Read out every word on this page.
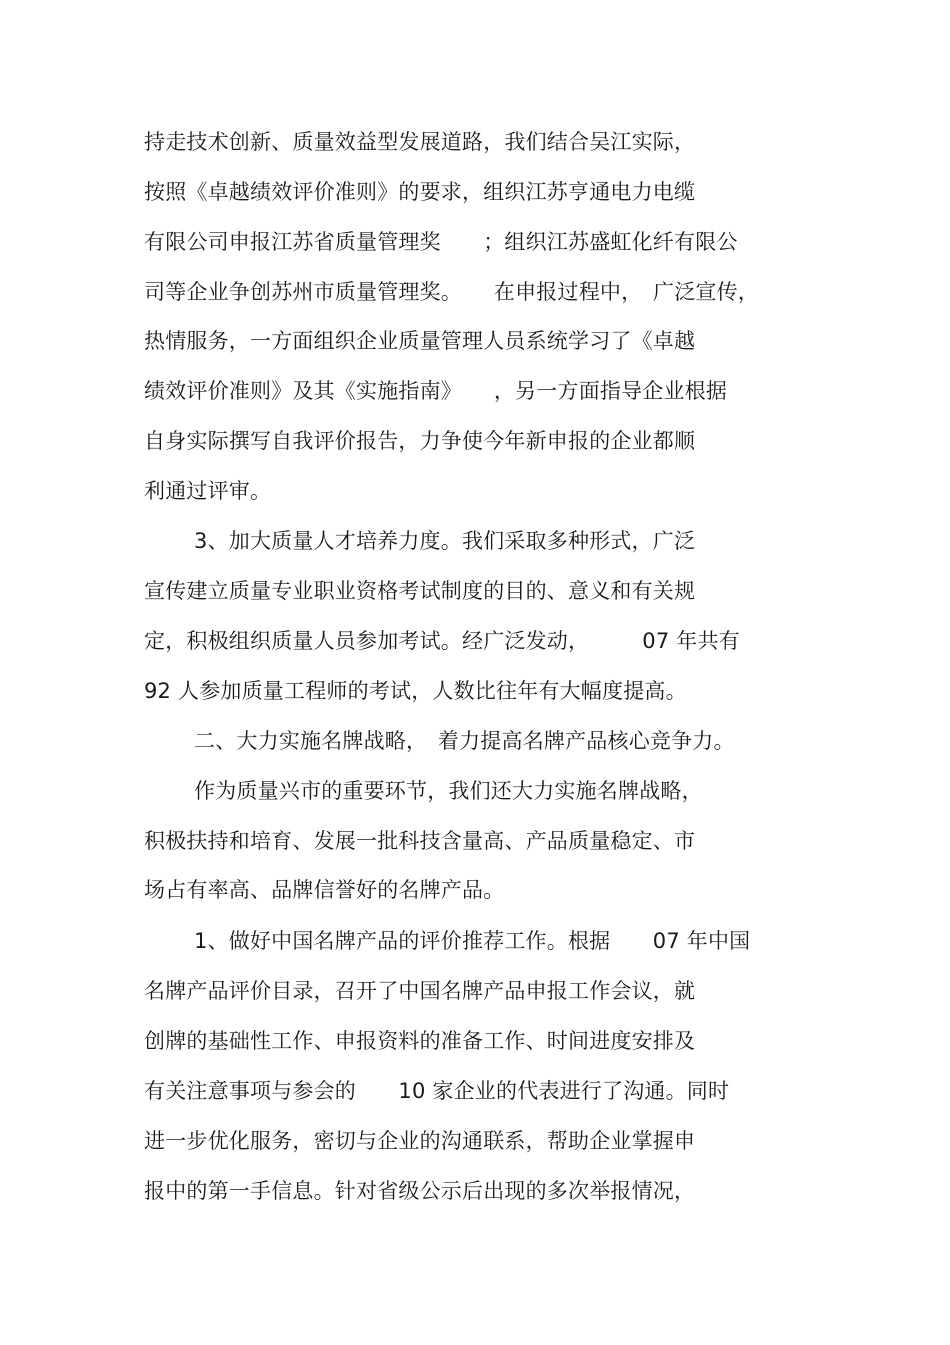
持走技术创新、质量效益型发展道路，我们结合吴江实际，
按照《卓越绩效评价准则》的要求，组织江苏亨通电力电缆
有限公司申报江苏省质量管理奖　　；组织江苏盛虹化纤有限公
司等企业争创苏州市质量管理奖。　　在申报过程中，　广泛宣传，
热情服务，一方面组织企业质量管理人员系统学习了《卓越
绩效评价准则》及其《实施指南》　　，另一方面指导企业根据
自身实际撰写自我评价报告，力争使今年新申报的企业都顺
利通过评审。
3、加大质量人才培养力度。我们采取多种形式，广泛
宣传建立质量专业职业资格考试制度的目的、意义和有关规
定，积极组织质量人员参加考试。经广泛发动，　　　07 年共有
92 人参加质量工程师的考试，人数比往年有大幅度提高。
二、大力实施名牌战略，　着力提高名牌产品核心竞争力。
作为质量兴市的重要环节，我们还大力实施名牌战略，
积极扶持和培育、发展一批科技含量高、产品质量稳定、市
场占有率高、品牌信誉好的名牌产品。
1、做好中国名牌产品的评价推荐工作。根据　　07 年中国
名牌产品评价目录，召开了中国名牌产品申报工作会议，就
创牌的基础性工作、申报资料的准备工作、时间进度安排及
有关注意事项与参会的　　10 家企业的代表进行了沟通。同时
进一步优化服务，密切与企业的沟通联系，帮助企业掌握申
报中的第一手信息。针对省级公示后出现的多次举报情况，
